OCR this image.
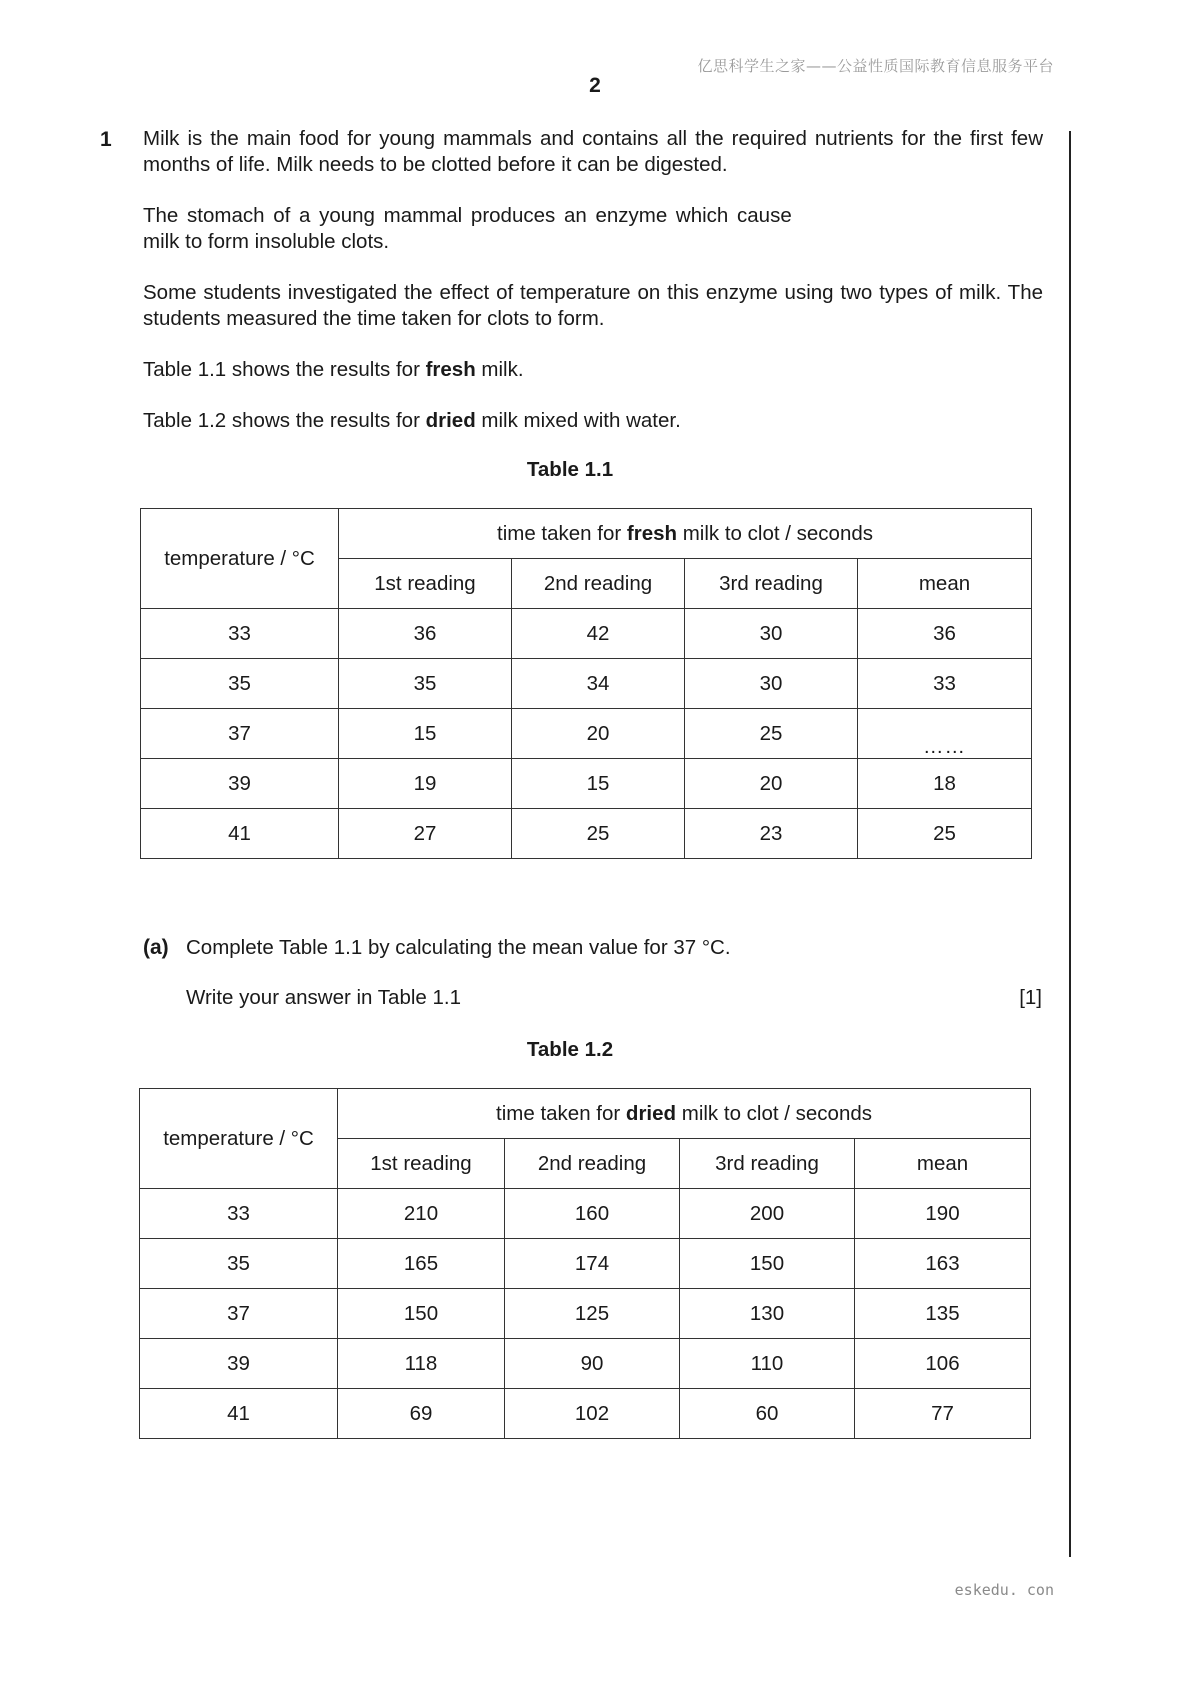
亿思科学生之家——公益性质国际教育信息服务平台
2
1 Milk is the main food for young mammals and contains all the required nutrients for the first few months of life. Milk needs to be clotted before it can be digested.
The stomach of a young mammal produces an enzyme which cause
milk to form insoluble clots.
Some students investigated the effect of temperature on this enzyme using two types of milk. The students measured the time taken for clots to form.
Table 1.1 shows the results for fresh milk.
Table 1.2 shows the results for dried milk mixed with water.
Table 1.1
temperature / °C	time taken for fresh milk to clot / seconds			
	1st reading	2nd reading	3rd reading	mean
33	36	42	30	36
35	35	34	30	33
37	15	20	25	……
39	19	15	20	18
41	27	25	23	25
(a) Complete Table 1.1 by calculating the mean value for 37 °C.
Write your answer in Table 1.1	[1]
Table 1.2
temperature / °C	time taken for dried milk to clot / seconds			
	1st reading	2nd reading	3rd reading	mean
33	210	160	200	190
35	165	174	150	163
37	150	125	130	135
39	118	90	110	106
41	69	102	60	77
eskedu. con
